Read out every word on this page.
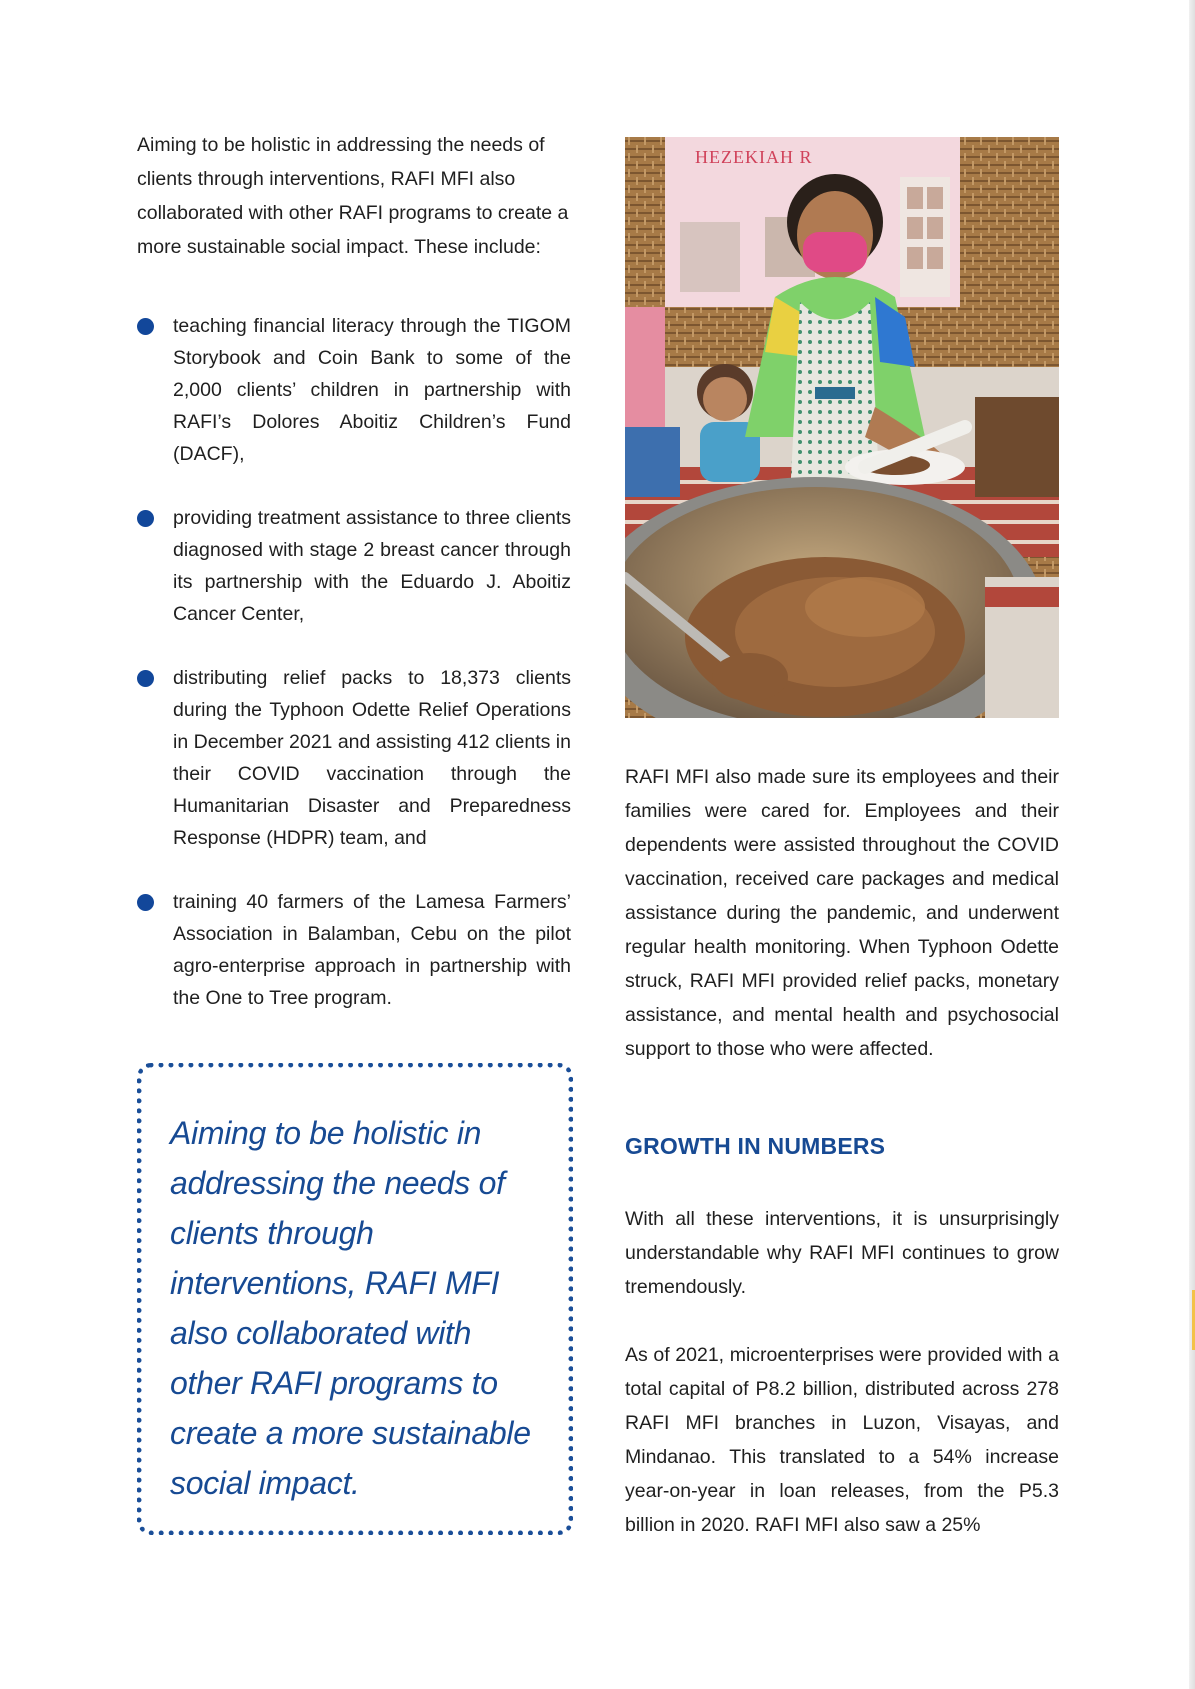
Aiming to be holistic in addressing the needs of clients through interventions, RAFI MFI also collaborated with other RAFI programs to create a more sustainable social impact. These include:

teaching financial literacy through the TIGOM Storybook and Coin Bank to some of the 2,000 clients’ children in partnership with RAFI’s Dolores Aboitiz Children’s Fund (DACF),
providing treatment assistance to three clients diagnosed with stage 2 breast cancer through its partnership with the Eduardo J. Aboitiz Cancer Center,
distributing relief packs to 18,373 clients during the Typhoon Odette Relief Operations in December 2021 and assisting 412 clients in their COVID vaccination through the Humanitarian Disaster and Preparedness Response (HDPR) team, and
training 40 farmers of the Lamesa Farmers’ Association in Balamban, Cebu on the pilot agro-enterprise approach in partnership with the One to Tree program.

Aiming to be holistic in addressing the needs of clients through interventions, RAFI MFI also collaborated with other RAFI programs to create a more sustainable social impact.

HEZEKIAH R

RAFI MFI also made sure its employees and their families were cared for. Employees and their dependents were assisted throughout the COVID vaccination, received care packages and medical assistance during the pandemic, and underwent regular health monitoring. When Typhoon Odette struck, RAFI MFI provided relief packs, monetary assistance, and mental health and psychosocial support to those who were affected.

GROWTH IN NUMBERS

With all these interventions, it is unsurprisingly understandable why RAFI MFI continues to grow tremendously.

As of 2021, microenterprises were provided with a total capital of P8.2 billion, distributed across 278 RAFI MFI branches in Luzon, Visayas, and Mindanao. This translated to a 54% increase year-on-year in loan releases, from the P5.3 billion in 2020. RAFI MFI also saw a 25%
